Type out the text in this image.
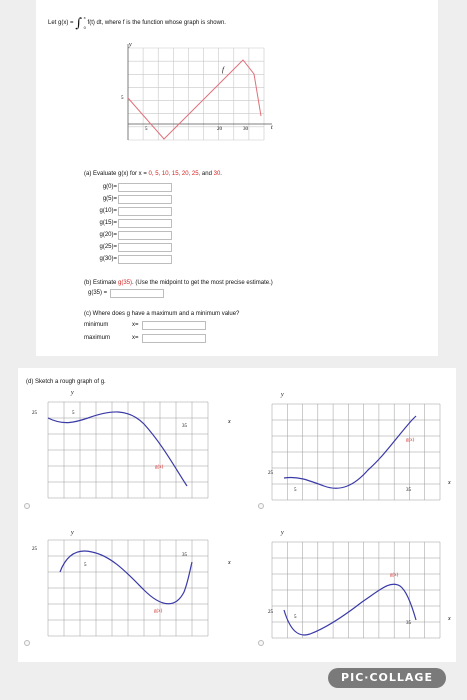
Let g(x) = ∫ $^x_0$ f(t) dt, where f is the function whose graph is shown.
y
f
t
5
5	20	30
(a) Evaluate g(x) for x = 0, 5, 10, 15, 20, 25, and 30.
g(0)=
g(5)=
g(10)=
g(15)=
g(20)=
g(25)=
g(30)=
(b) Estimate g(35). (Use the midpoint to get the most precise estimate.)
g(35) =
(c) Where does g have a maximum and a minimum value?
minimum	x=
maximum	x=
(d) Sketch a rough graph of g.
y
x
25	5
35
g(x)
y
x
25
5	35
g(x)
y
x
25
5
35
g(x)
y
x
25
5
35
g(x)
PIC·COLLAGE
